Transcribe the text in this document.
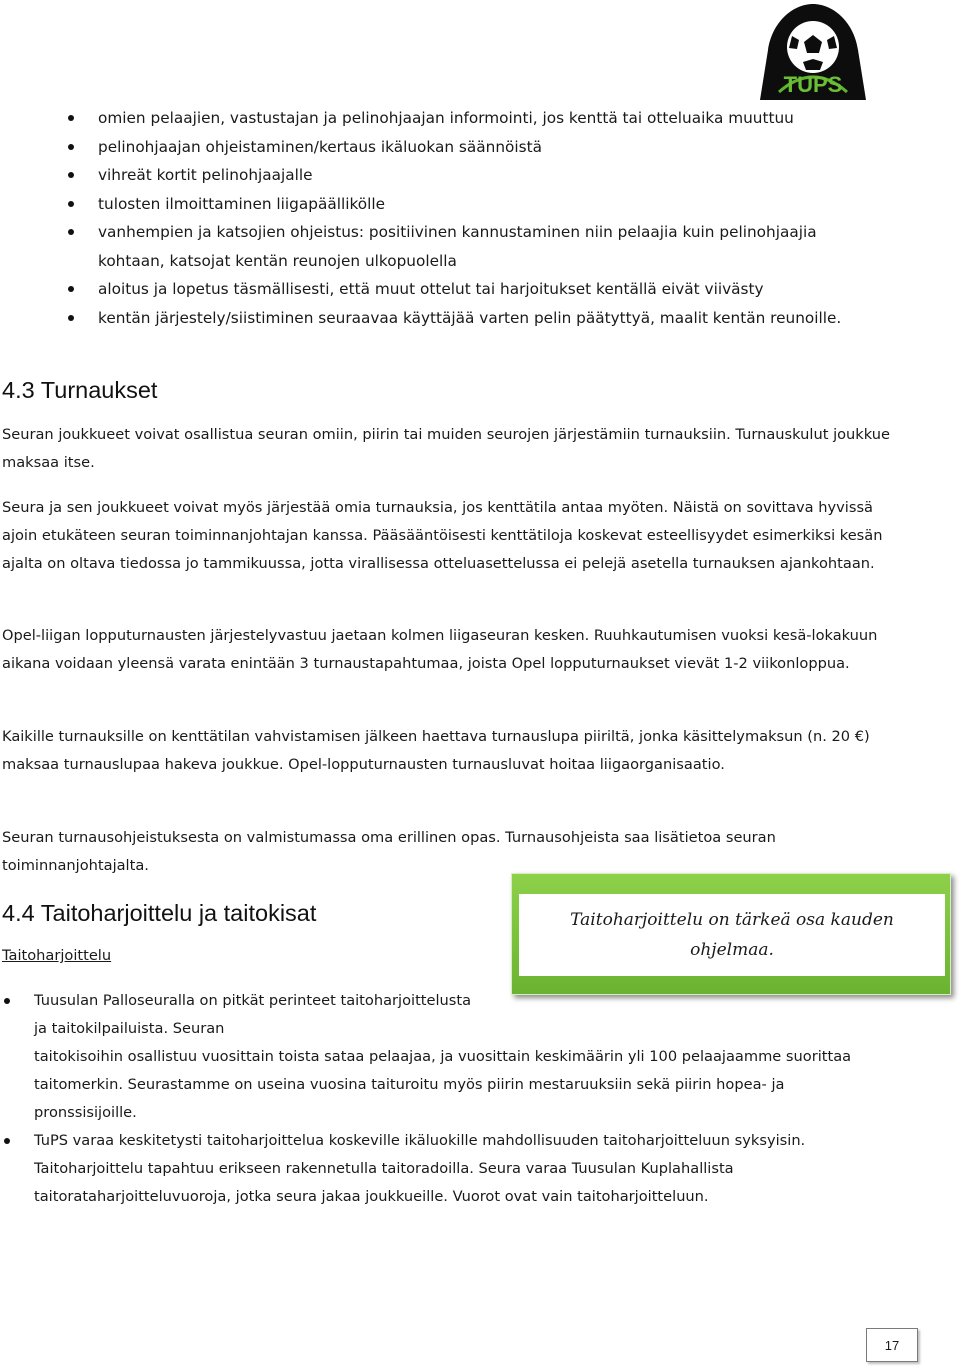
TUPS
omien pelaajien, vastustajan ja pelinohjaajan informointi, jos kenttä tai otteluaika muuttuu
pelinohjaajan ohjeistaminen/kertaus ikäluokan säännöistä
vihreät kortit pelinohjaajalle
tulosten ilmoittaminen liigapäällikölle
vanhempien ja katsojien ohjeistus: positiivinen kannustaminen niin pelaajia kuin pelinohjaajia kohtaan, katsojat kentän reunojen ulkopuolella
aloitus ja lopetus täsmällisesti, että muut ottelut tai harjoitukset kentällä eivät viivästy
kentän järjestely/siistiminen seuraavaa käyttäjää varten pelin päätyttyä, maalit kentän reunoille.
4.3 Turnaukset

Seuran joukkueet voivat osallistua seuran omiin, piirin tai muiden seurojen järjestämiin turnauksiin. Turnauskulut joukkue maksaa itse.

Seura ja sen joukkueet voivat myös järjestää omia turnauksia, jos kenttätila antaa myöten. Näistä on sovittava hyvissä ajoin etukäteen seuran toiminnanjohtajan kanssa. Pääsääntöisesti kenttätiloja koskevat esteellisyydet esimerkiksi kesän ajalta on oltava tiedossa jo tammikuussa, jotta virallisessa otteluasettelussa ei pelejä asetella turnauksen ajankohtaan.

Opel-liigan lopputurnausten järjestelyvastuu jaetaan kolmen liigaseuran kesken. Ruuhkautumisen vuoksi kesä-lokakuun aikana voidaan yleensä varata enintään 3 turnaustapahtumaa, joista Opel lopputurnaukset vievät 1-2 viikonloppua.

Kaikille turnauksille on kenttätilan vahvistamisen jälkeen haettava turnauslupa piiriltä, jonka käsittelymaksun (n. 20 €) maksaa turnauslupaa hakeva joukkue. Opel-lopputurnausten turnausluvat hoitaa liigaorganisaatio.

Seuran turnausohjeistuksesta on valmistumassa oma erillinen opas. Turnausohjeista saa lisätietoa seuran toiminnanjohtajalta.

4.4 Taitoharjoittelu ja taitokisat

Taitoharjoittelu

Tuusulan Palloseuralla on pitkät perinteet taitoharjoittelusta ja taitokilpailuista. Seuran
taitokisoihin osallistuu vuosittain toista sataa pelaajaa, ja vuosittain keskimäärin yli 100 pelaajaamme suorittaa taitomerkin. Seurastamme on useina vuosina taituroitu myös piirin mestaruuksiin sekä piirin hopea- ja pronssisijoille.
TuPS varaa keskitetysti taitoharjoittelua koskeville ikäluokille mahdollisuuden taitoharjoitteluun syksyisin. Taitoharjoittelu tapahtuu erikseen rakennetulla taitoradoilla. Seura varaa Tuusulan Kuplahallista taitorataharjoitteluvuoroja, jotka seura jakaa joukkueille. Vuorot ovat vain taitoharjoitteluun.
Taitoharjoittelu on tärkeä osa kauden ohjelmaa.
17
